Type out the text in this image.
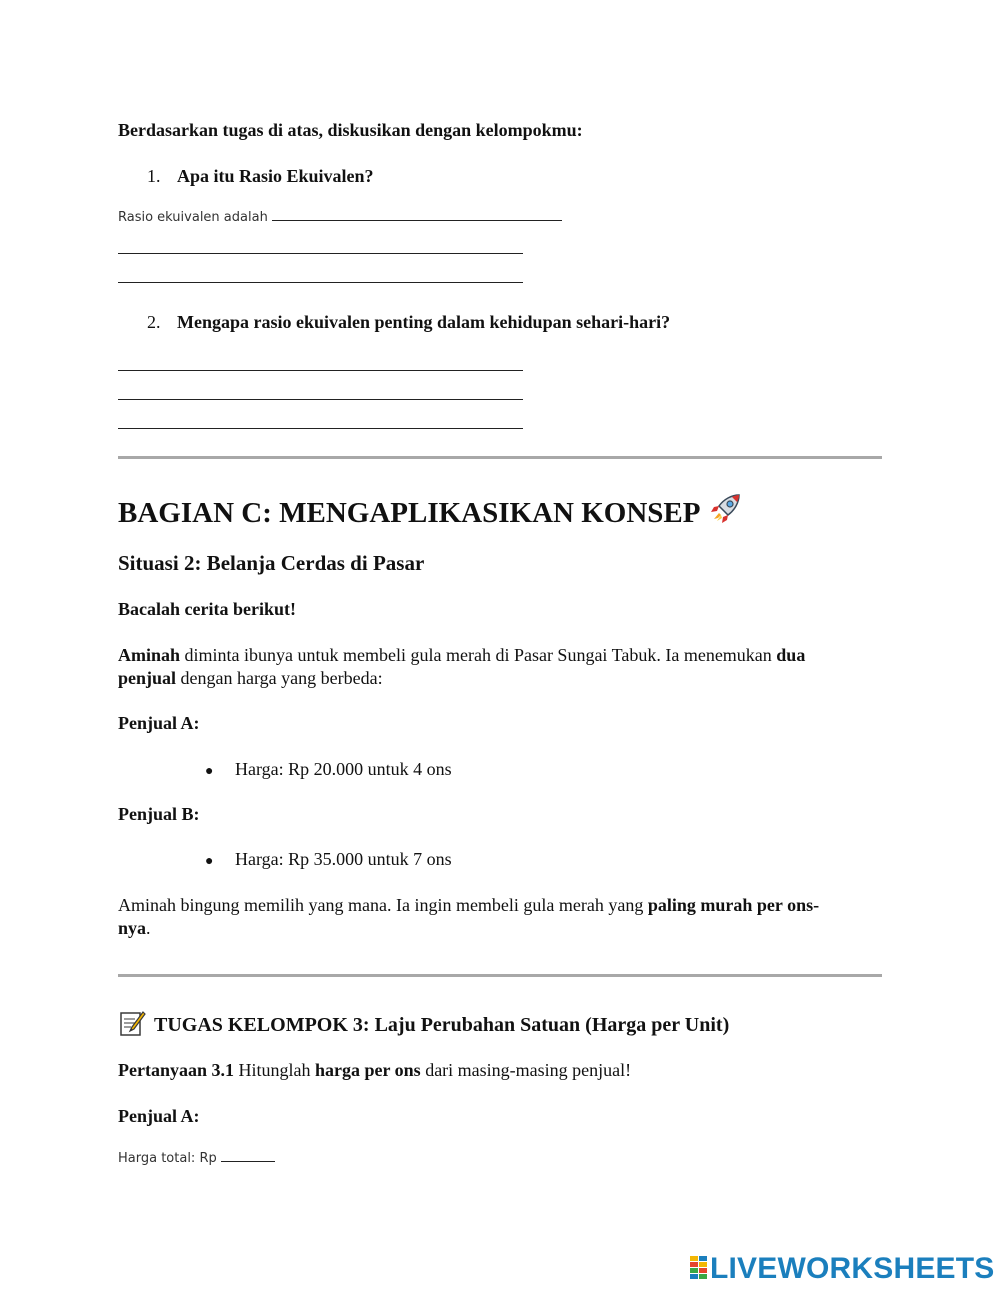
Berdasarkan tugas di atas, diskusikan dengan kelompokmu:
1. Apa itu Rasio Ekuivalen?
Rasio ekuivalen adalah
2. Mengapa rasio ekuivalen penting dalam kehidupan sehari-hari?
BAGIAN C: MENGAPLIKASIKAN KONSEP
Situasi 2: Belanja Cerdas di Pasar
Bacalah cerita berikut!
Aminah diminta ibunya untuk membeli gula merah di Pasar Sungai Tabuk. Ia menemukan dua
penjual dengan harga yang berbeda:
Penjual A:
● Harga: Rp 20.000 untuk 4 ons
Penjual B:
● Harga: Rp 35.000 untuk 7 ons
Aminah bingung memilih yang mana. Ia ingin membeli gula merah yang paling murah per ons-
nya.
TUGAS KELOMPOK 3: Laju Perubahan Satuan (Harga per Unit)
Pertanyaan 3.1 Hitunglah harga per ons dari masing-masing penjual!
Penjual A:
Harga total: Rp
LIVEWORKSHEETS
